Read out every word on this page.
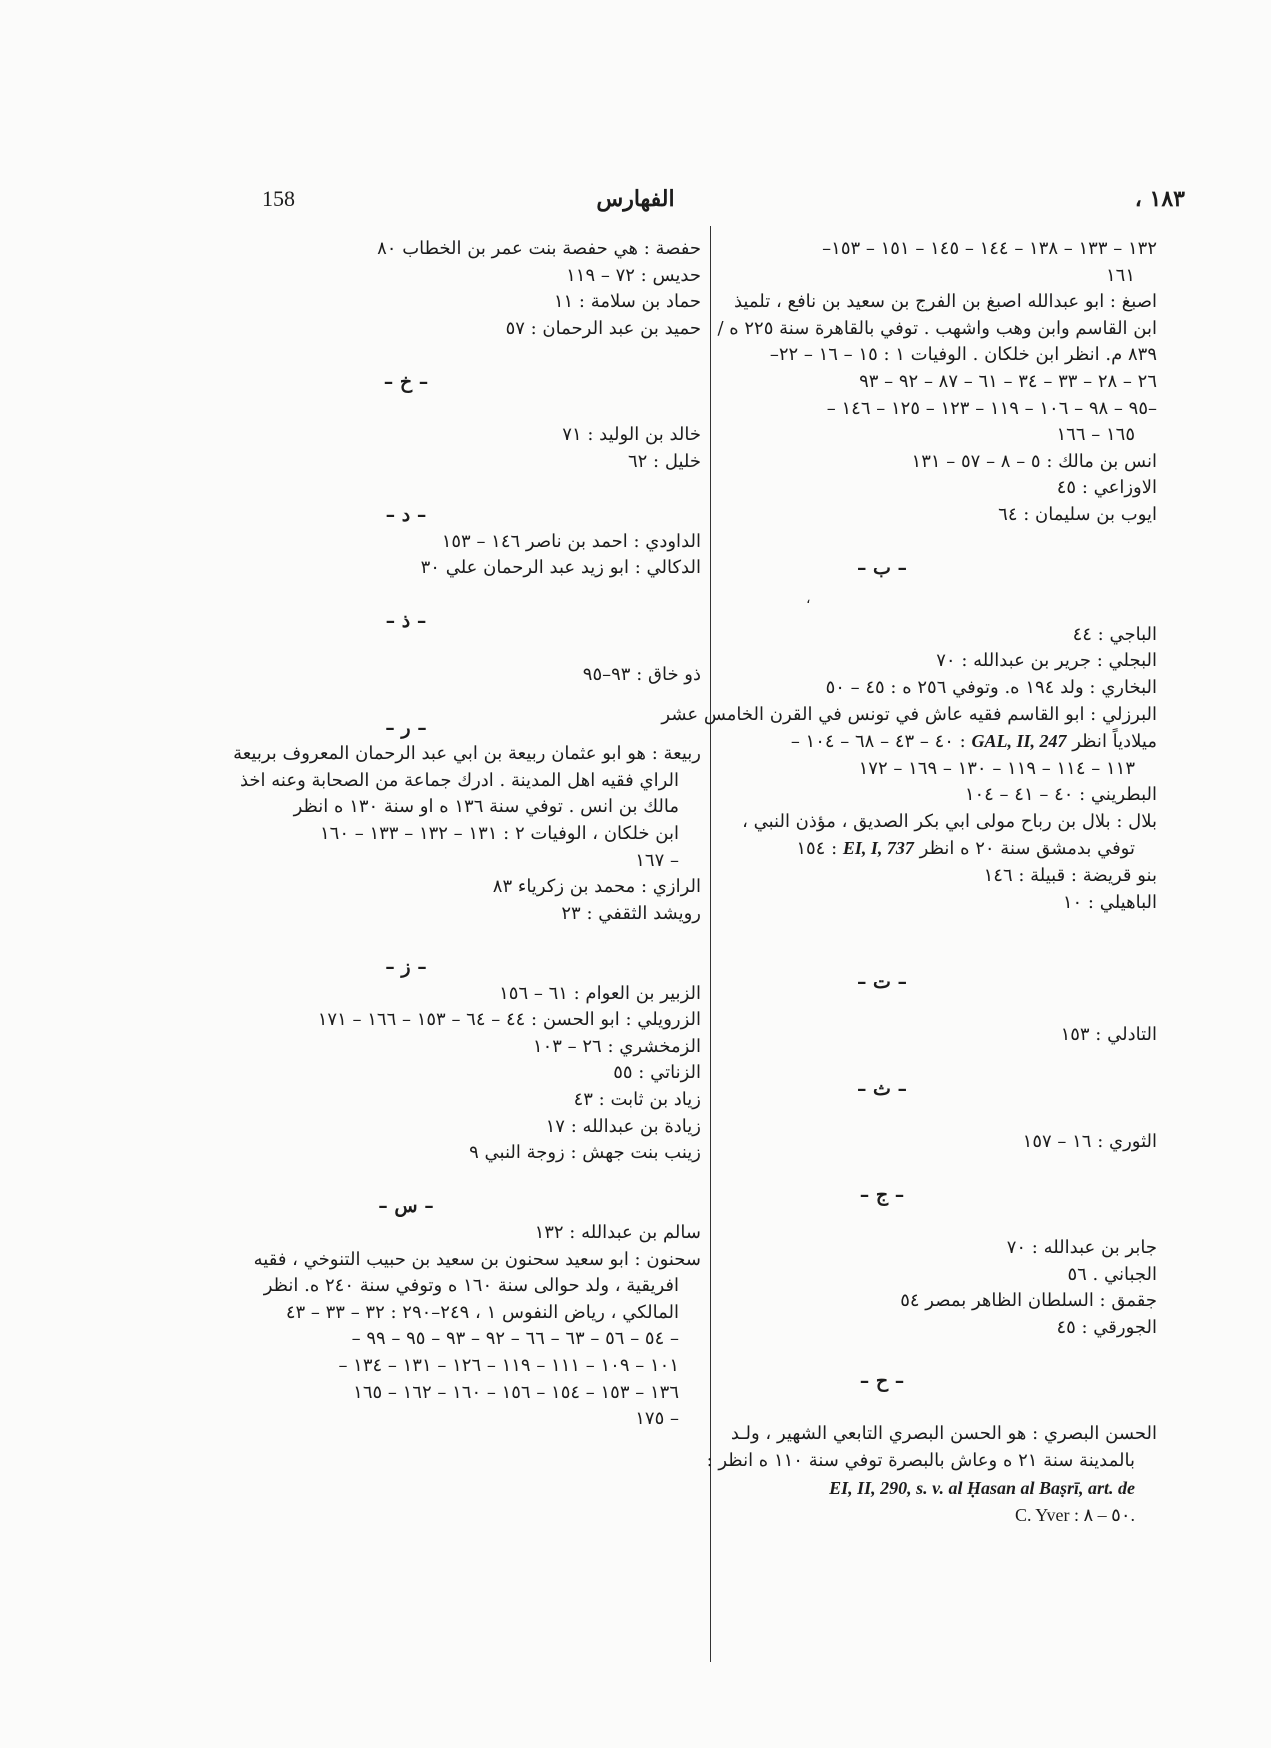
158	الفهارس	١٨٣ ،
،

١٣٢ – ١٣٣ – ١٣٨ – ١٤٤ – ١٤٥ – ١٥١ – ١٥٣–

١٦١

اصبغ : ابو عبدالله اصبغ بن الفرج بن سعيد بن نافع ، تلميذ

ابن القاسم وابن وهب واشهب . توفي بالقاهرة سنة ٢٢٥ ه /

٨٣٩ م. انظر ابن خلكان . الوفيات ١ : ١٥ – ١٦ – ٢٢–

٢٦ – ٢٨ – ٣٣ – ٣٤ – ٦١ – ٨٧ – ٩٢ – ٩٣

–٩٥ – ٩٨ – ١٠٦ – ١١٩ – ١٢٣ – ١٢٥ – ١٤٦ –

١٦٥ – ١٦٦

انس بن مالك : ٥ – ٨ – ٥٧ – ١٣١

الاوزاعي : ٤٥

ايوب بن سليمان : ٦٤

– ب –

الباجي : ٤٤

البجلي : جرير بن عبدالله : ٧٠

البخاري : ولد ١٩٤ ه. وتوفي ٢٥٦ ه : ٤٥ – ٥٠

البرزلي : ابو القاسم فقيه عاش في تونس في القرن الخامس عشر

ميلادياً انظر GAL, II, 247 : ٤٠ – ٤٣ – ٦٨ – ١٠٤ –

١١٣ – ١١٤ – ١١٩ – ١٣٠ – ١٦٩ – ١٧٢

البطريني : ٤٠ – ٤١ – ١٠٤

بلال : بلال بن رباح مولى ابي بكر الصديق ، مؤذن النبي ،

توفي بدمشق سنة ٢٠ ه انظر EI, I, 737 : ١٥٤

بنو قريضة : قبيلة : ١٤٦

الباهيلي : ١٠

– ت –

التادلي : ١٥٣

– ث –

الثوري : ١٦ – ١٥٧

– ج –

جابر بن عبدالله : ٧٠

الجباني . ٥٦

جقمق : السلطان الظاهر بمصر ٥٤

الجورقي : ٤٥

– ح –

الحسن البصري : هو الحسن البصري التابعي الشهير ، ولـد

بالمدينة سنة ٢١ ه وعاش بالبصرة توفي سنة ١١٠ ه انظر :

EI, II, 290, s. v. al Ḥasan al Baṣrī, art. de

C. Yver : ٥٠ – ٨.

حفصة : هي حفصة بنت عمر بن الخطاب ٨٠

حديس : ٧٢ – ١١٩

حماد بن سلامة : ١١

حميد بن عبد الرحمان : ٥٧

– خ –

خالد بن الوليد : ٧١

خليل : ٦٢

– د –

الداودي : احمد بن ناصر ١٤٦ – ١٥٣

الدكالي : ابو زيد عبد الرحمان علي ٣٠

– ذ –

ذو خاق : ٩٣–٩٥

– ر –

ربيعة : هو ابو عثمان ربيعة بن ابي عبد الرحمان المعروف بربيعة

الراي فقيه اهل المدينة . ادرك جماعة من الصحابة وعنه اخذ

مالك بن انس . توفي سنة ١٣٦ ه او سنة ١٣٠ ه انظر

ابن خلكان ، الوفيات ٢ : ١٣١ – ١٣٢ – ١٣٣ – ١٦٠

– ١٦٧

الرازي : محمد بن زكرياء ٨٣

رويشد الثقفي : ٢٣

– ز –

الزبير بن العوام : ٦١ – ١٥٦

الزرويلي : ابو الحسن : ٤٤ – ٦٤ – ١٥٣ – ١٦٦ – ١٧١

الزمخشري : ٢٦ – ١٠٣

الزناتي : ٥٥

زياد بن ثابت : ٤٣

زيادة بن عبدالله : ١٧

زينب بنت جهش : زوجة النبي ٩

– س –

سالم بن عبدالله : ١٣٢

سحنون : ابو سعيد سحنون بن سعيد بن حبيب التنوخي ، فقيه

افريقية ، ولد حوالى سنة ١٦٠ ه وتوفي سنة ٢٤٠ ه. انظر

المالكي ، رياض النفوس ١ ، ٢٤٩–٢٩٠ : ٣٢ – ٣٣ – ٤٣

– ٥٤ – ٥٦ – ٦٣ – ٦٦ – ٩٢ – ٩٣ – ٩٥ – ٩٩ –

١٠١ – ١٠٩ – ١١١ – ١١٩ – ١٢٦ – ١٣١ – ١٣٤ –

١٣٦ – ١٥٣ – ١٥٤ – ١٥٦ – ١٦٠ – ١٦٢ – ١٦٥

– ١٧٥
